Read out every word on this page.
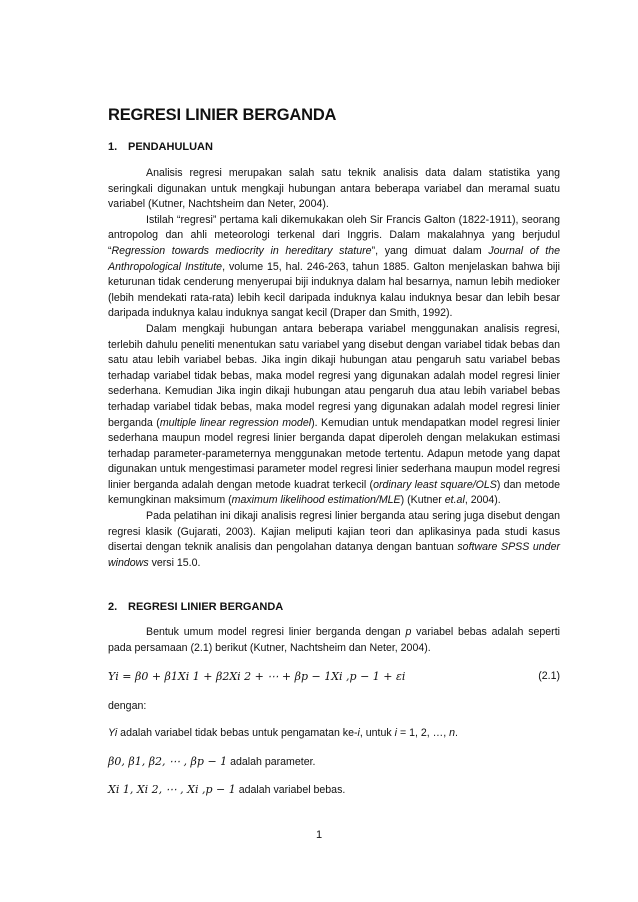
REGRESI LINIER BERGANDA
1. PENDAHULUAN

Analisis regresi merupakan salah satu teknik analisis data dalam statistika yang seringkali digunakan untuk mengkaji hubungan antara beberapa variabel dan meramal suatu variabel (Kutner, Nachtsheim dan Neter, 2004).

Istilah “regresi” pertama kali dikemukakan oleh Sir Francis Galton (1822-1911), seorang antropolog dan ahli meteorologi terkenal dari Inggris. Dalam makalahnya yang berjudul “Regression towards mediocrity in hereditary stature”, yang dimuat dalam Journal of the Anthropological Institute, volume 15, hal. 246-263, tahun 1885. Galton menjelaskan bahwa biji keturunan tidak cenderung menyerupai biji induknya dalam hal besarnya, namun lebih medioker (lebih mendekati rata-rata) lebih kecil daripada induknya kalau induknya besar dan lebih besar daripada induknya kalau induknya sangat kecil (Draper dan Smith, 1992).

Dalam mengkaji hubungan antara beberapa variabel menggunakan analisis regresi, terlebih dahulu peneliti menentukan satu variabel yang disebut dengan variabel tidak bebas dan satu atau lebih variabel bebas. Jika ingin dikaji hubungan atau pengaruh satu variabel bebas terhadap variabel tidak bebas, maka model regresi yang digunakan adalah model regresi linier sederhana. Kemudian Jika ingin dikaji hubungan atau pengaruh dua atau lebih variabel bebas terhadap variabel tidak bebas, maka model regresi yang digunakan adalah model regresi linier berganda (multiple linear regression model). Kemudian untuk mendapatkan model regresi linier sederhana maupun model regresi linier berganda dapat diperoleh dengan melakukan estimasi terhadap parameter-parameternya menggunakan metode tertentu. Adapun metode yang dapat digunakan untuk mengestimasi parameter model regresi linier sederhana maupun model regresi linier berganda adalah dengan metode kuadrat terkecil (ordinary least square/OLS) dan metode kemungkinan maksimum (maximum likelihood estimation/MLE) (Kutner et.al, 2004).

Pada pelatihan ini dikaji analisis regresi linier berganda atau sering juga disebut dengan regresi klasik (Gujarati, 2003). Kajian meliputi kajian teori dan aplikasinya pada studi kasus disertai dengan teknik analisis dan pengolahan datanya dengan bantuan software SPSS under windows versi 15.0.

2. REGRESI LINIER BERGANDA

Bentuk umum model regresi linier berganda dengan p variabel bebas adalah seperti pada persamaan (2.1) berikut (Kutner, Nachtsheim dan Neter, 2004).

𝑌𝑖 = 𝛽0 + 𝛽1𝑋𝑖 1 + 𝛽2𝑋𝑖 2 + ⋯ + 𝛽𝑝 − 1𝑋𝑖 ,𝑝 − 1 + 𝜀𝑖	(2.1)

dengan:

Yi adalah variabel tidak bebas untuk pengamatan ke-i, untuk i = 1, 2, …, n.

𝛽0, 𝛽1, 𝛽2, ⋯ , 𝛽𝑝 − 1 adalah parameter.

𝑋𝑖 1, 𝑋𝑖 2, ⋯ , 𝑋𝑖 ,𝑝 − 1 adalah variabel bebas.

1
